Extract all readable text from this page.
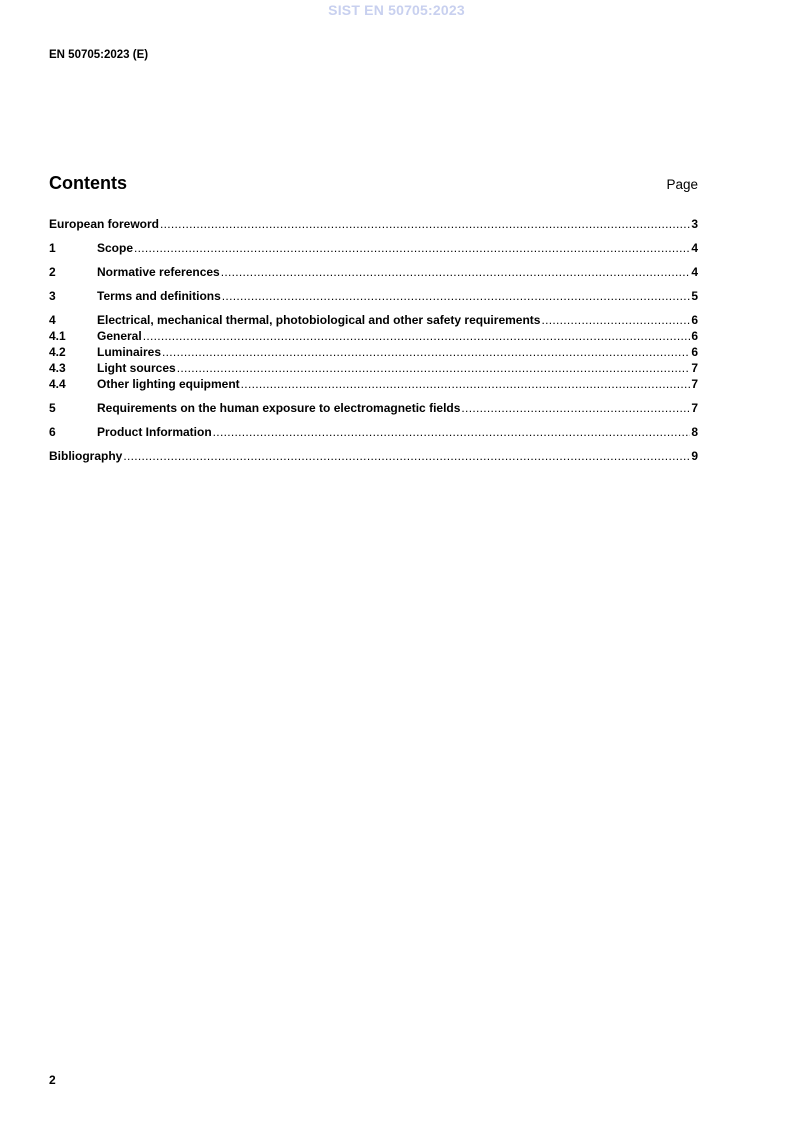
SIST EN 50705:2023
EN 50705:2023 (E)
Contents	Page
European foreword .....	3
1	Scope .....	4
2	Normative references .....	4
3	Terms and definitions .....	5
4	Electrical, mechanical thermal, photobiological and other safety requirements .....	6
4.1	General .....	6
4.2	Luminaires .....	6
4.3	Light sources .....	7
4.4	Other lighting equipment .....	7
5	Requirements on the human exposure to electromagnetic fields .....	7
6	Product Information .....	8
Bibliography .....	9
2
